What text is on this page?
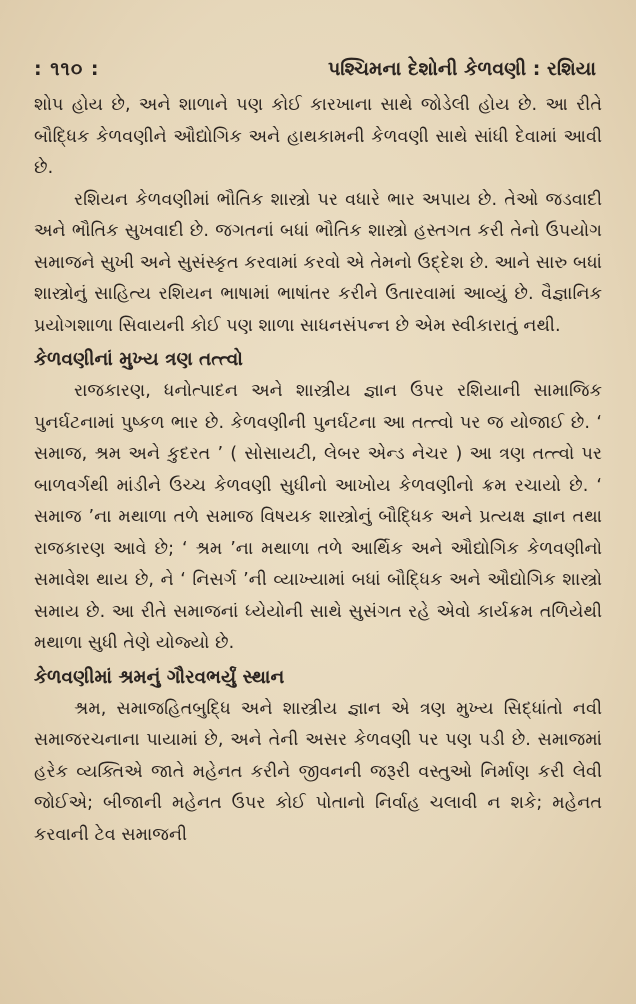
: ૧૧૦ :	પશ્ચિમના દેશોની કેળવણી : રશિયા

શોપ હોય છે, અને શાળાને પણ કોઈ કારખાના સાથે જોડેલી હોય છે. આ રીતે બૌદ્ધિક કેળવણીને ઔદ્યોગિક અને હાથકામની કેળવણી સાથે સાંધી દેવામાં આવી છે.

રશિયન કેળવણીમાં ભૌતિક શાસ્ત્રો પર વધારે ભાર અપાય છે. તેઓ જડવાદી અને ભૌતિક સુખવાદી છે. જગતનાં બધાં ભૌતિક શાસ્ત્રો હસ્તગત કરી તેનો ઉપયોગ સમાજને સુખી અને સુસંસ્કૃત કરવામાં કરવો એ તેમનો ઉદ્દેશ છે. આને સારુ બધાં શાસ્ત્રોનું સાહિત્ય રશિયન ભાષામાં ભાષાંતર કરીને ઉતારવામાં આવ્યું છે. વૈજ્ઞાનિક પ્રયોગશાળા સિવાયની કોઈ પણ શાળા સાધનસંપન્ન છે એમ સ્વીકારાતું નથી.

કેળવણીનાં મુખ્ય ત્રણ તત્ત્વો

રાજકારણ, ધનોત્પાદન અને શાસ્ત્રીય જ્ઞાન ઉપર રશિયાની સામાજિક પુનર્ઘટનામાં પુષ્કળ ભાર છે. કેળવણીની પુનર્ઘટના આ તત્ત્વો પર જ યોજાઈ છે. ‘ સમાજ, શ્રમ અને કુદરત ’ ( સોસાયટી, લેબર એન્ડ નેચર ) આ ત્રણ તત્ત્વો પર બાળવર્ગથી માંડીને ઉચ્ચ કેળવણી સુધીનો આખોય કેળવણીનો ક્રમ રચાયો છે. ‘ સમાજ ’ના મથાળા તળે સમાજ વિષયક શાસ્ત્રોનું બૌદ્ધિક અને પ્રત્યક્ષ જ્ઞાન તથા રાજકારણ આવે છે; ‘ શ્રમ ’ના મથાળા તળે આર્થિક અને ઔદ્યોગિક કેળવણીનો સમાવેશ થાય છે, ને ‘ નિસર્ગ ’ની વ્યાખ્યામાં બધાં બૌદ્ધિક અને ઔદ્યોગિક શાસ્ત્રો સમાય છે. આ રીતે સમાજનાં ધ્યેયોની સાથે સુસંગત રહે એવો કાર્યક્રમ તળિયેથી મથાળા સુધી તેણે યોજ્યો છે.

કેળવણીમાં શ્રમનું ગૌરવભર્યું સ્થાન

શ્રમ, સમાજહિતબુદ્ધિ અને શાસ્ત્રીય જ્ઞાન એ ત્રણ મુખ્ય સિદ્ધાંતો નવી સમાજરચનાના પાયામાં છે, અને તેની અસર કેળવણી પર પણ પડી છે. સમાજમાં હરેક વ્યક્તિએ જાતે મહેનત કરીને જીવનની જરૂરી વસ્તુઓ નિર્માણ કરી લેવી જોઈએ; બીજાની મહેનત ઉપર કોઈ પોતાનો નિર્વાહ ચલાવી ન શકે; મહેનત કરવાની ટેવ સમાજની
